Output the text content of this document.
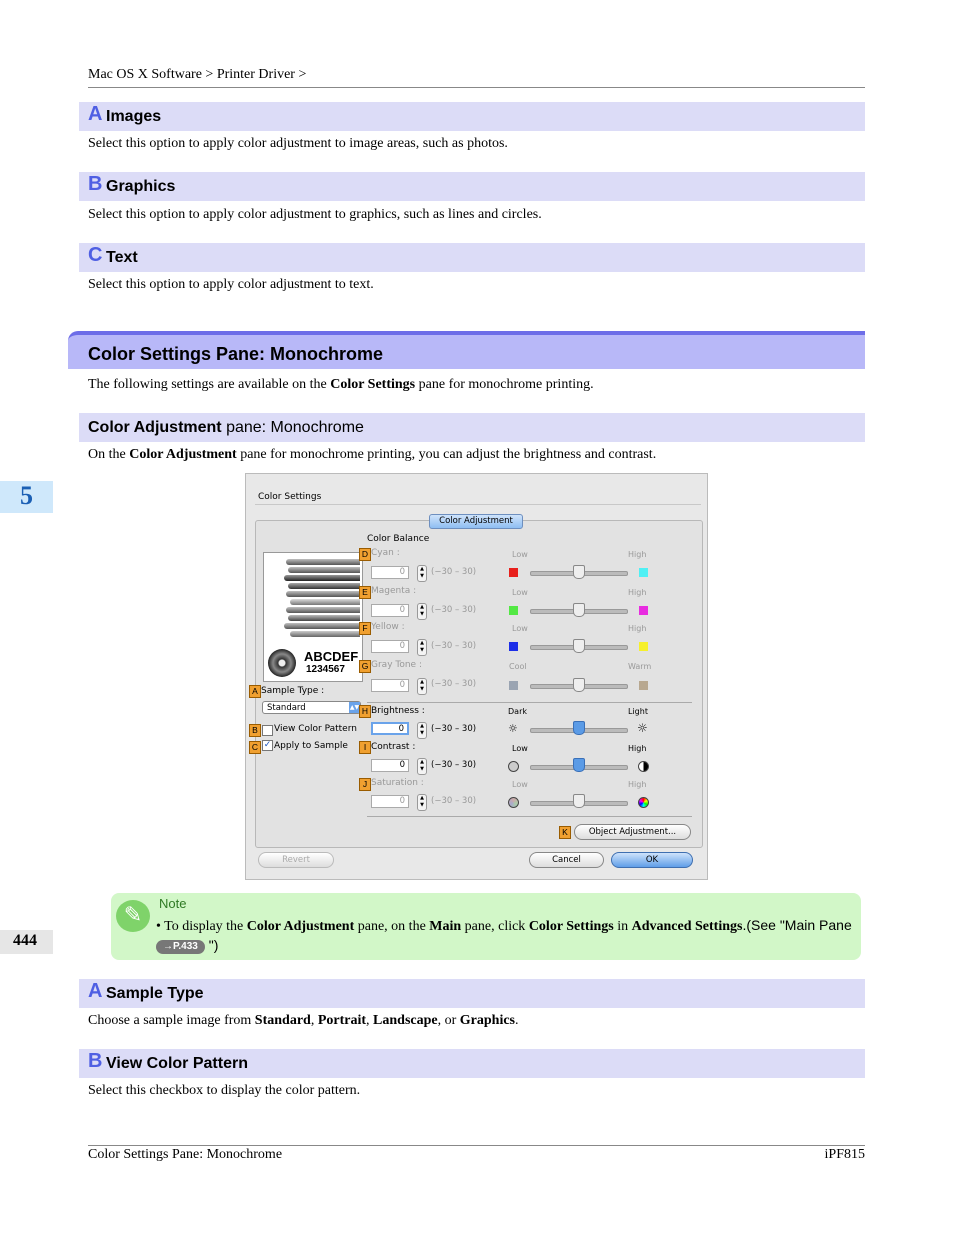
Mac OS X Software > Printer Driver >
A Images
Select this option to apply color adjustment to image areas, such as photos.
B Graphics
Select this option to apply color adjustment to graphics, such as lines and circles.
C Text
Select this option to apply color adjustment to text.
Color Settings Pane: Monochrome
The following settings are available on the Color Settings pane for monochrome printing.
Color Adjustment pane: Monochrome
On the Color Adjustment pane for monochrome printing, you can adjust the brightness and contrast.
5
444
Color Settings
Color Adjustment
ABCDEF
1234567
A Sample Type :
Standard	▲▼
B	View Color Pattern
C ✓ Apply to Sample
Color Balance
D Cyan :
0	▲
▼ (−30 – 30)
Low	High
E Magenta :
0	▲
▼ (−30 – 30)
Low	High
F Yellow :
0	▲
▼ (−30 – 30)
Low	High
G Gray Tone :
0	▲
▼ (−30 – 30)
Cool	Warm
H Brightness :
0	▲
▼ (−30 – 30)
Dark	Light
☼	☼
I Contrast :
0	▲
▼ (−30 – 30)
Low	High
J Saturation :
0	▲
▼ (−30 – 30)
Low	High
K	Object Adjustment...
Revert	Cancel	OK
✎	Note
• To display the Color Adjustment pane, on the Main pane, click Color Settings in Advanced Settings.(See "Main Pane →P.433 ")
A Sample Type
Choose a sample image from Standard, Portrait, Landscape, or Graphics.
B View Color Pattern
Select this checkbox to display the color pattern.
Color Settings Pane: Monochrome	iPF815
